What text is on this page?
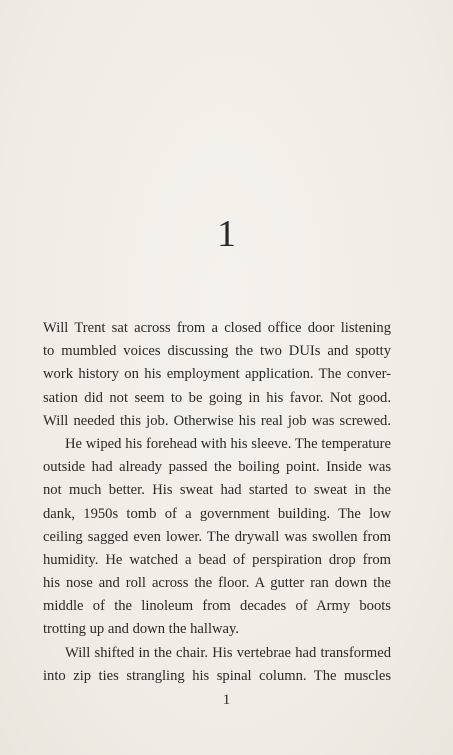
1
Will Trent sat across from a closed office door listening
to mumbled voices discussing the two DUIs and spotty
work history on his employment application. The conver-
sation did not seem to be going in his favor. Not good.
Will needed this job. Otherwise his real job was screwed.
He wiped his forehead with his sleeve. The temperature
outside had already passed the boiling point. Inside was
not much better. His sweat had started to sweat in the
dank, 1950s tomb of a government building. The low
ceiling sagged even lower. The drywall was swollen from
humidity. He watched a bead of perspiration drop from
his nose and roll across the floor. A gutter ran down the
middle of the linoleum from decades of Army boots
trotting up and down the hallway.
Will shifted in the chair. His vertebrae had transformed
into zip ties strangling his spinal column. The muscles
1
